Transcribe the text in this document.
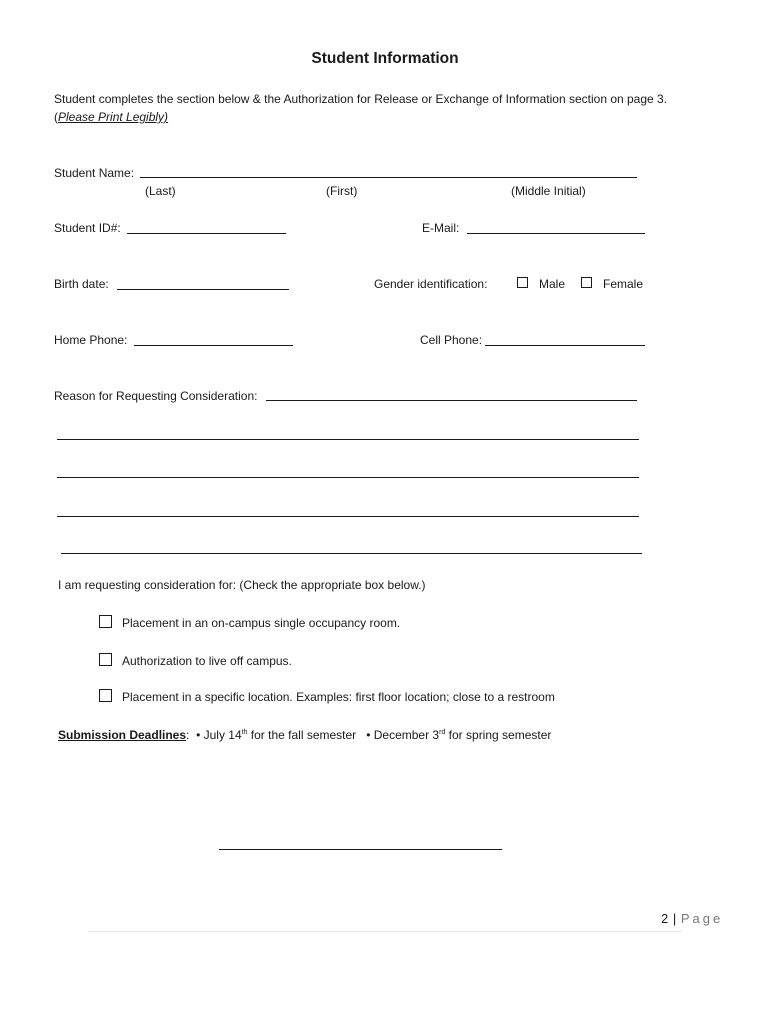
Student Information
Student completes the section below & the Authorization for Release or Exchange of Information section on page 3.
(Please Print Legibly)
Student Name:
(Last)	(First)	(Middle Initial)
Student ID#:	E-Mail:
Birth date:	Gender identification:	Male	Female
Home Phone:	Cell Phone:
Reason for Requesting Consideration:
I am requesting consideration for: (Check the appropriate box below.)
Placement in an on-campus single occupancy room.
Authorization to live off campus.
Placement in a specific location. Examples: first floor location; close to a restroom
Submission Deadlines: • July 14th for the fall semester • December 3rd for spring semester
2 | Page
